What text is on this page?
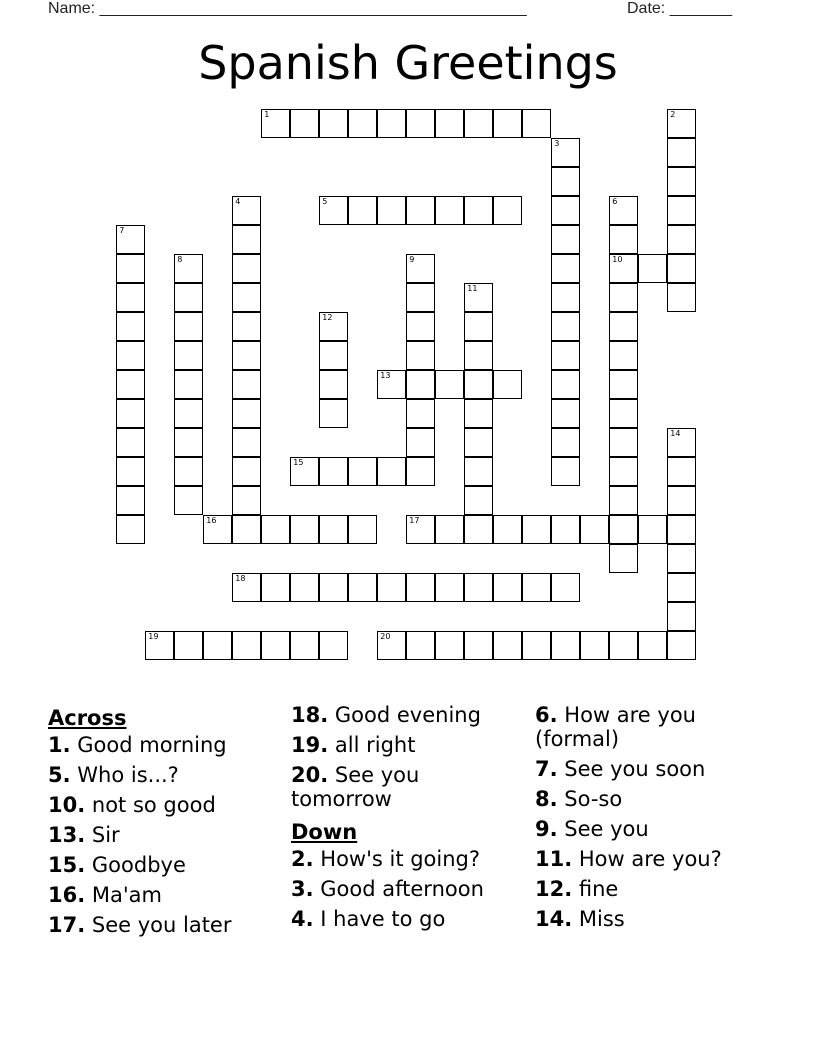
Name: ________________________________________________	Date: _______
Spanish Greetings
1	2
3
4	5	6
10
7
8	9
11
12
13
14
15
16	17
18
19	20
Across
1. Good morning
5. Who is...?
10. not so good
13. Sir
15. Goodbye
16. Ma'am
17. See you later
18. Good evening
19. all right
20. See you tomorrow
Down
2. How's it going?
3. Good afternoon
4. I have to go
6. How are you (formal)
7. See you soon
8. So-so
9. See you
11. How are you?
12. fine
14. Miss
